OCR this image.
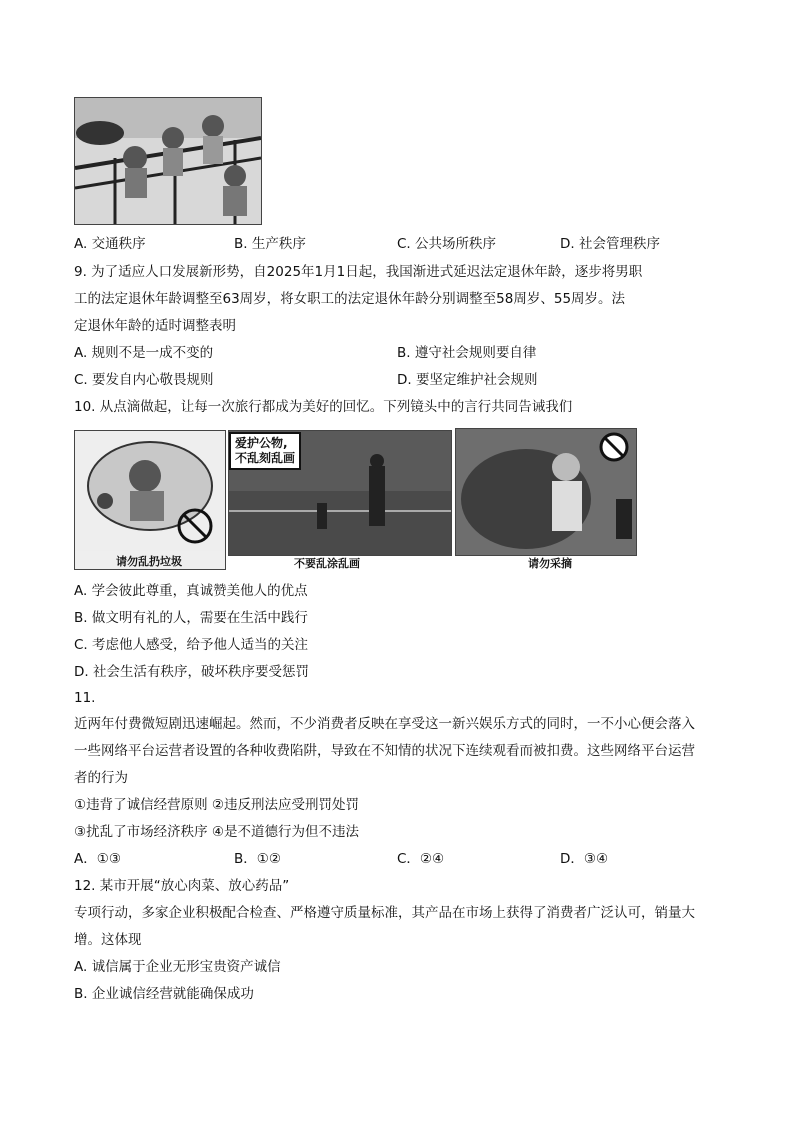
A. 交通秩序	B. 生产秩序	C. 公共场所秩序	D. 社会管理秩序
9. 为了适应人口发展新形势，自2025年1月1日起，我国渐进式延迟法定退休年龄，逐步将男职
工的法定退休年龄调整至63周岁，将女职工的法定退休年龄分别调整至58周岁、55周岁。法
定退休年龄的适时调整表明
A. 规则不是一成不变的	B. 遵守社会规则要自律
C. 要发自内心敬畏规则	D. 要坚定维护社会规则
10. 从点滴做起，让每一次旅行都成为美好的回忆。下列镜头中的言行共同告诫我们
请勿乱扔垃圾
爱护公物,
不乱刻乱画
不要乱涂乱画	请勿采摘
A. 学会彼此尊重，真诚赞美他人的优点
B. 做文明有礼的人，需要在生活中践行
C. 考虑他人感受，给予他人适当的关注
D. 社会生活有秩序，破坏秩序要受惩罚
11.
近两年付费微短剧迅速崛起。然而，不少消费者反映在享受这一新兴娱乐方式的同时，一不小心便会落入
一些网络平台运营者设置的各种收费陷阱，导致在不知情的状况下连续观看而被扣费。这些网络平台运营
者的行为
①违背了诚信经营原则 ②违反刑法应受刑罚处罚
③扰乱了市场经济秩序 ④是不道德行为但不违法
A．①③	B．①②	C．②④	D．③④
12. 某市开展“放心肉菜、放心药品”
专项行动，多家企业积极配合检查、严格遵守质量标准，其产品在市场上获得了消费者广泛认可，销量大
增。这体现
A. 诚信属于企业无形宝贵资产诚信
B. 企业诚信经营就能确保成功
